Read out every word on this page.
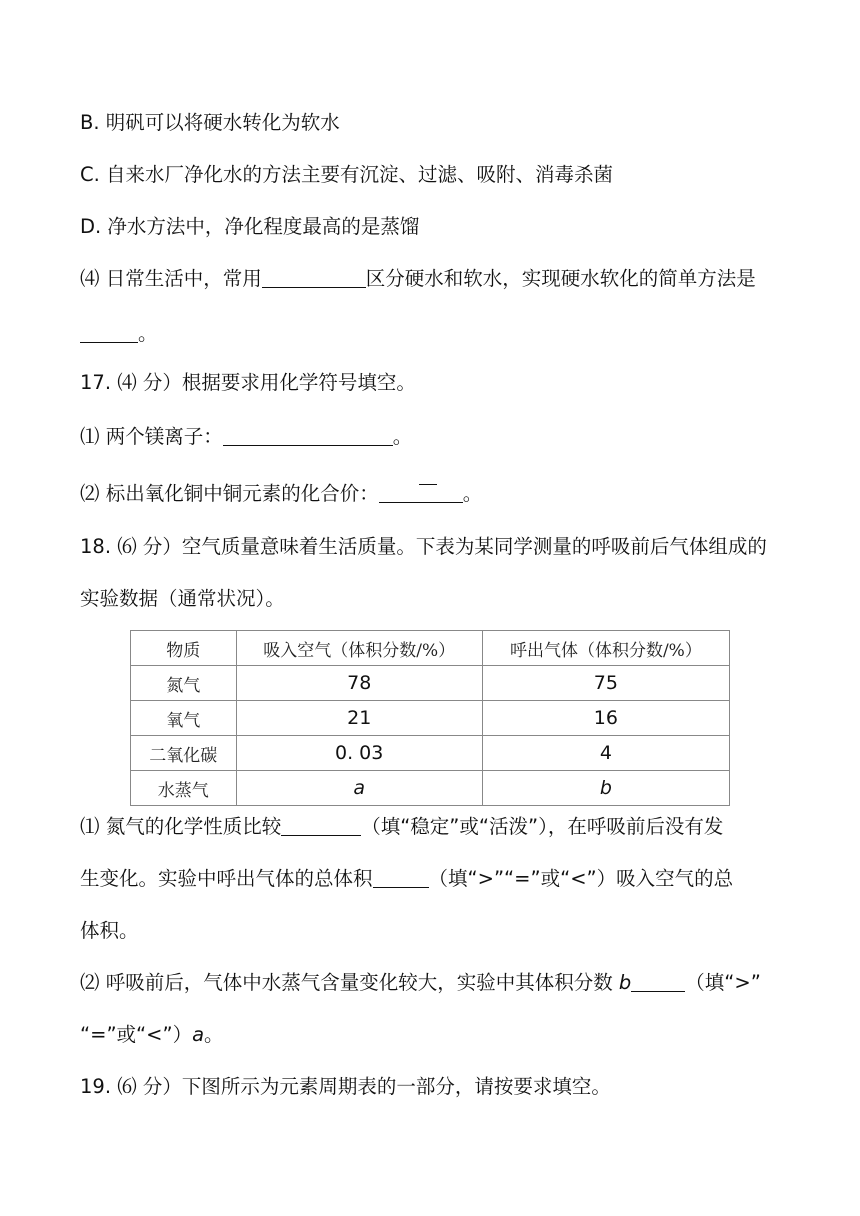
B. 明矾可以将硬水转化为软水
C. 自来水厂净化水的方法主要有沉淀、过滤、吸附、消毒杀菌
D. 净水方法中，净化程度最高的是蒸馏
⑷ 日常生活中，常用	区分硬水和软水，实现硬水软化的简单方法是
。
17. ⑷ 分）根据要求用化学符号填空。
⑴ 两个镁离子：	。
⑵ 标出氧化铜中铜元素的化合价：	。
18. ⑹ 分）空气质量意味着生活质量。下表为某同学测量的呼吸前后气体组成的
实验数据（通常状况）。
物质	吸入空气（体积分数/%）	呼出气体（体积分数/%）
氮气	78	75
氧气	21	16
二氧化碳	0. 03	4
水蒸气	a	b
⑴ 氮气的化学性质比较	（填“稳定”或“活泼”），在呼吸前后没有发
生变化。实验中呼出气体的总体积	（填“>”“=”或“<”）吸入空气的总
体积。
⑵ 呼吸前后，气体中水蒸气含量变化较大，实验中其体积分数 b	（填“>”
“=”或“<”）a。
19. ⑹ 分）下图所示为元素周期表的一部分，请按要求填空。
